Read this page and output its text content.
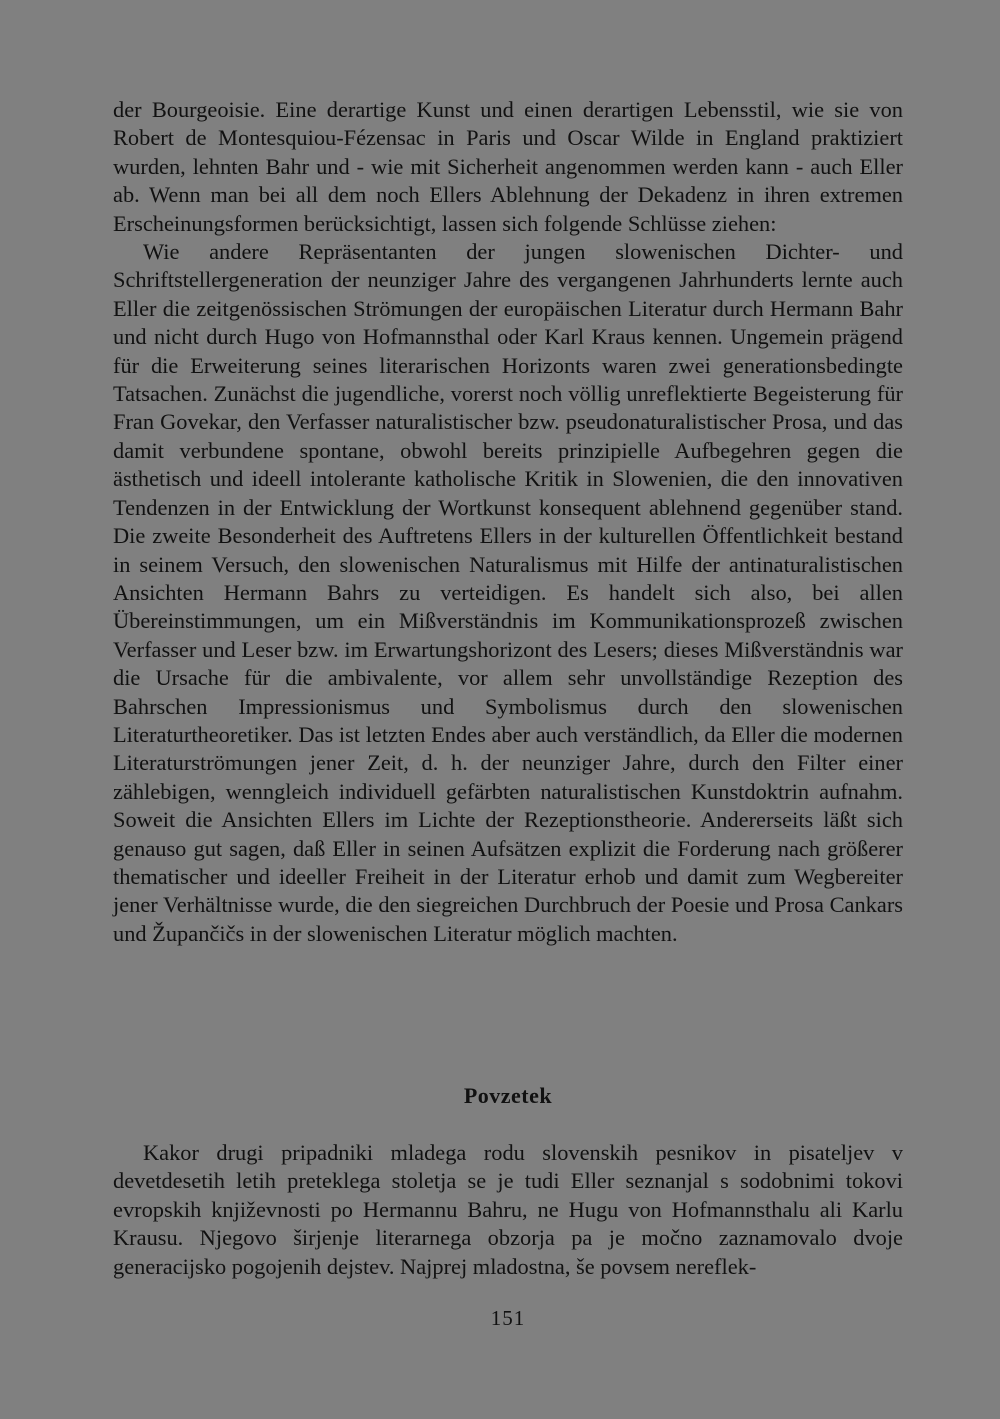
der Bourgeoisie. Eine derartige Kunst und einen derartigen Lebensstil, wie sie von Robert de Montesquiou-Fézensac in Paris und Oscar Wilde in England praktiziert wurden, lehnten Bahr und - wie mit Sicherheit angenommen werden kann - auch Eller ab. Wenn man bei all dem noch Ellers Ablehnung der Dekadenz in ihren extremen Erscheinungsformen berücksichtigt, lassen sich folgende Schlüsse ziehen:

Wie andere Repräsentanten der jungen slowenischen Dichter- und Schriftstellergeneration der neunziger Jahre des vergangenen Jahrhunderts lernte auch Eller die zeitgenössischen Strömungen der europäischen Literatur durch Hermann Bahr und nicht durch Hugo von Hofmannsthal oder Karl Kraus kennen. Ungemein prägend für die Erweiterung seines literarischen Horizonts waren zwei generationsbedingte Tatsachen. Zunächst die jugendliche, vorerst noch völlig unreflektierte Begeisterung für Fran Govekar, den Verfasser naturalistischer bzw. pseudonaturalistischer Prosa, und das damit verbundene spontane, obwohl bereits prinzipielle Aufbegehren gegen die ästhetisch und ideell intolerante katholische Kritik in Slowenien, die den innovativen Tendenzen in der Entwicklung der Wortkunst konsequent ablehnend gegenüber stand. Die zweite Besonderheit des Auftretens Ellers in der kulturellen Öffentlichkeit bestand in seinem Versuch, den slowenischen Naturalismus mit Hilfe der antinaturalistischen Ansichten Hermann Bahrs zu verteidigen. Es handelt sich also, bei allen Übereinstimmungen, um ein Mißverständnis im Kommunikationsprozeß zwischen Verfasser und Leser bzw. im Erwartungshorizont des Lesers; dieses Mißverständnis war die Ursache für die ambivalente, vor allem sehr unvollständige Rezeption des Bahrschen Impressionismus und Symbolismus durch den slowenischen Literaturtheoretiker. Das ist letzten Endes aber auch verständlich, da Eller die modernen Literaturströmungen jener Zeit, d. h. der neunziger Jahre, durch den Filter einer zählebigen, wenngleich individuell gefärbten naturalistischen Kunstdoktrin aufnahm. Soweit die Ansichten Ellers im Lichte der Rezeptionstheorie. Andererseits läßt sich genauso gut sagen, daß Eller in seinen Aufsätzen explizit die Forderung nach größerer thematischer und ideeller Freiheit in der Literatur erhob und damit zum Wegbereiter jener Verhältnisse wurde, die den siegreichen Durchbruch der Poesie und Prosa Cankars und Župančičs in der slowenischen Literatur möglich machten.

Povzetek

Kakor drugi pripadniki mladega rodu slovenskih pesnikov in pisateljev v devetdesetih letih preteklega stoletja se je tudi Eller seznanjal s sodobnimi tokovi evropskih književnosti po Hermannu Bahru, ne Hugu von Hofmannsthalu ali Karlu Krausu. Njegovo širjenje literarnega obzorja pa je močno zaznamovalo dvoje generacijsko pogojenih dejstev. Najprej mladostna, še povsem nereflek-

151
